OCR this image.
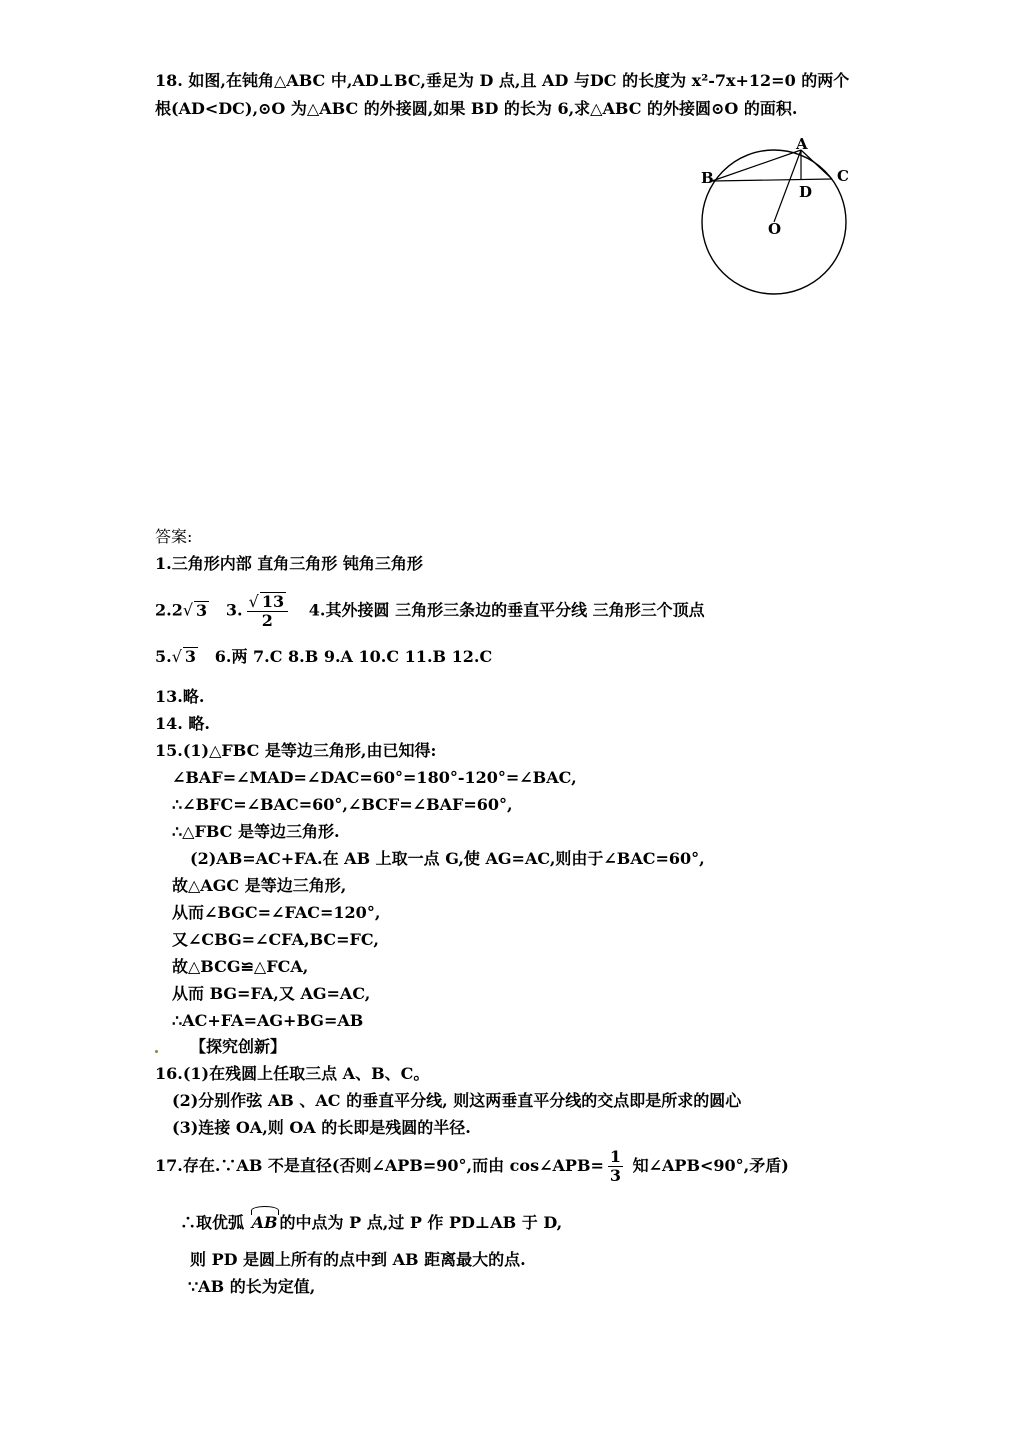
18. 如图,在钝角△ABC 中,AD⊥BC,垂足为 D 点,且 AD 与DC 的长度为 x²-7x+12=0 的两个
根(AD<DC),⊙O 为△ABC 的外接圆,如果 BD 的长为 6,求△ABC 的外接圆⊙O 的面积.
A
B	C
D
O
答案:
1.三角形内部 直角三角形 钝角三角形
2.2√ 3 3. $\frac{√ 13}{2} 4$.其外接圆 三角形三条边的垂直平分线 三角形三个顶点
5.√ 3 6.两 7.C 8.B 9.A 10.C 11.B 12.C
13.略.
14. 略.
15.(1)△FBC 是等边三角形,由已知得:
∠BAF=∠MAD=∠DAC=60°=180°-120°=∠BAC,
∴∠BFC=∠BAC=60°,∠BCF=∠BAF=60°,
∴△FBC 是等边三角形.
(2)AB=AC+FA.在 AB 上取一点 G,使 AG=AC,则由于∠BAC=60°,
故△AGC 是等边三角形,
从而∠BGC=∠FAC=120°,
又∠CBG=∠CFA,BC=FC,
故△BCG≌△FCA,
从而 BG=FA,又 AG=AC,
∴AC+FA=AG+BG=AB
【探究创新】
16.(1)在残圆上任取三点 A、B、C。
(2)分别作弦 AB 、AC 的垂直平分线, 则这两垂直平分线的交点即是所求的圆心
(3)连接 OA,则 OA 的长即是残圆的半径.
17.存在.∵AB 不是直径(否则∠APB=90°,而由 cos∠APB= $\frac{1}{3}$ 知∠APB<90°,矛盾)
∴取优弧 AB 的中点为 P 点,过 P 作 PD⊥AB 于 D,
则 PD 是圆上所有的点中到 AB 距离最大的点.
∵AB 的长为定值,
